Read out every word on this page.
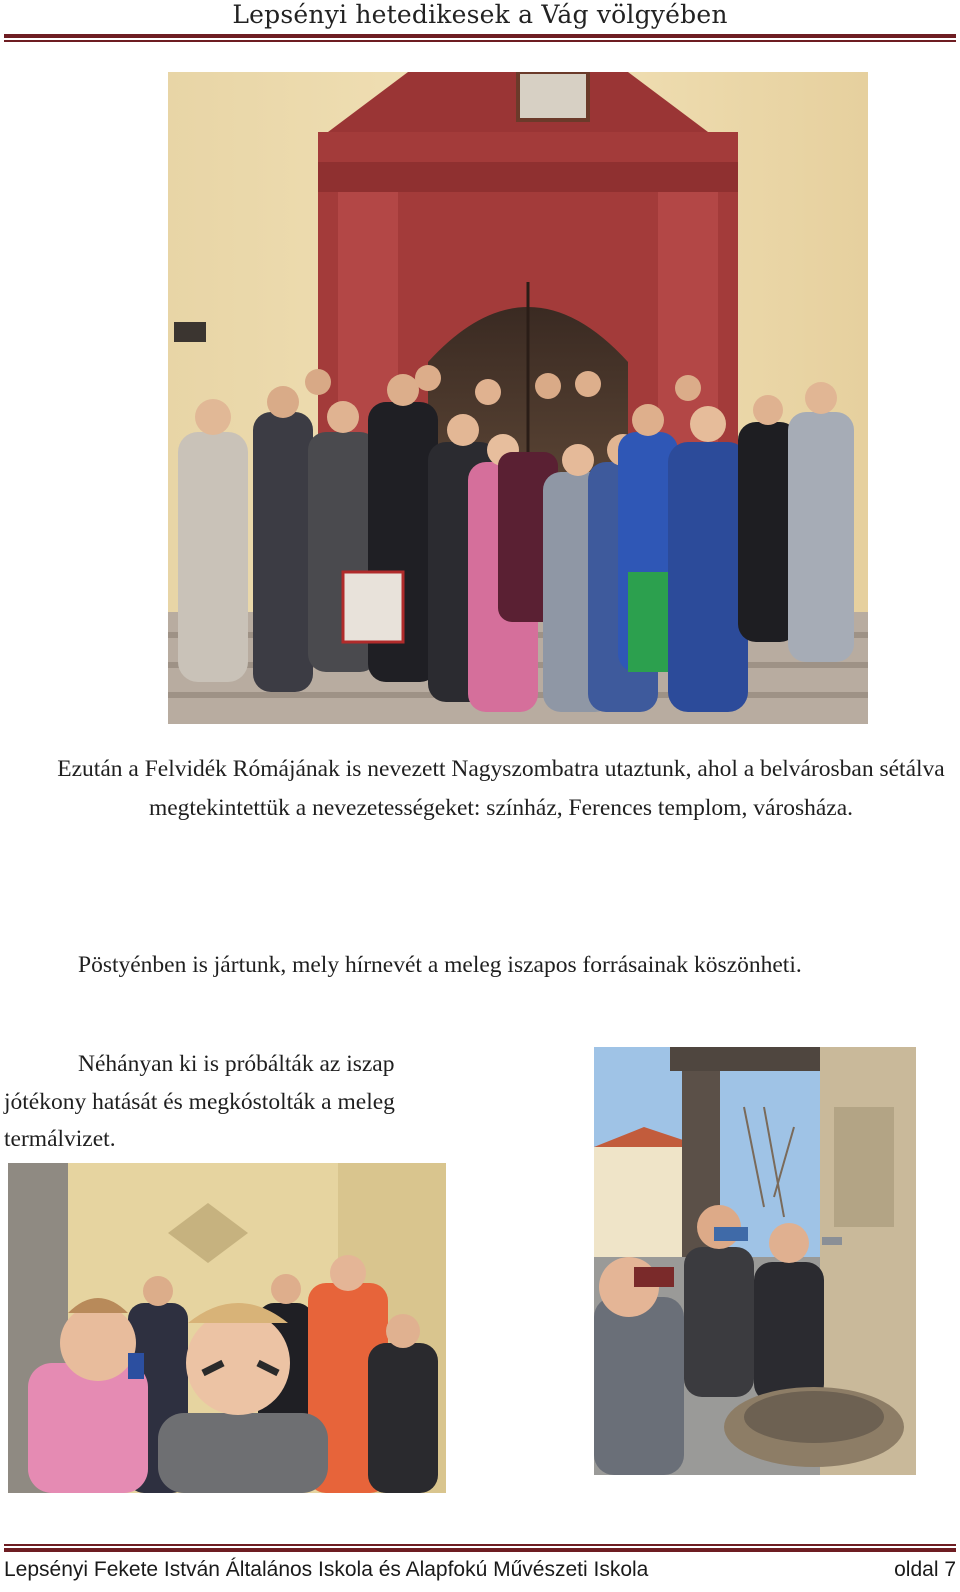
Lepsényi hetedikesek a Vág völgyében
Ezután a Felvidék Rómájának is nevezett Nagyszombatra utaztunk, ahol a belvárosban sétálva megtekintettük a nevezetességeket: színház, Ferences templom, városháza.
Pöstyénben is jártunk, mely hírnevét a meleg iszapos forrásainak köszönheti.
Néhányan ki is próbálták az iszap jótékony hatását és megkóstolták a meleg termálvizet.
Lepsényi Fekete István Általános Iskola és Alapfokú Művészeti Iskola	oldal 7
